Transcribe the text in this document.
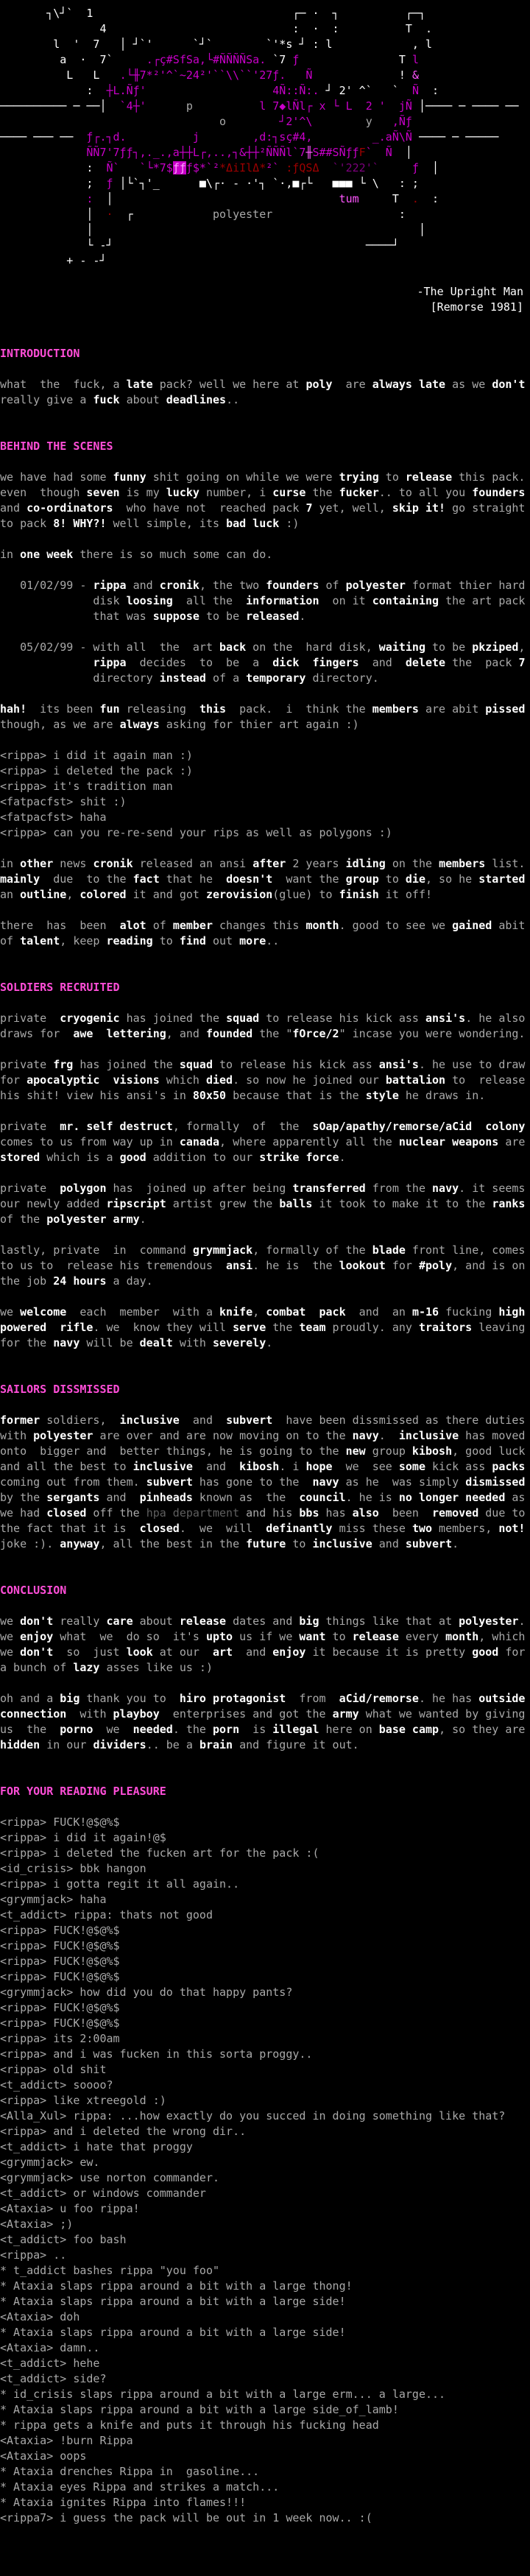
┐\┘`  1                              ┌─ ·  ┐          ┌─┐
4                            :  ·  :          T  .
l  '  7   │ ┘`'      `┘`        `'*s ┘ : l            , l
a  ·  7`     .┌ç#SfSa,└#ÑÑÑÑSa. `7 ƒ               T l
L   L   .└╫7*²'^`~24²'``\\``'27ƒ.   Ñ             ! &
:  ┼L.Ñƒ'	4Ñ::Ñ:. ┘ 2' ^`   `  Ñ  :
────────── ─ ──│  `4┼'	p	l 7◆lÑl┌ x └ L  2 '  jÑ │──── ─ ──── ──
o	┘2'^\	y ,Ñƒ
──── ─── ──  ƒ┌.┐d.	j	,d:┐sç#4,	_.aÑ\Ñ ──── ─ ─────
ÑÑ7'7ƒƒ┐,._.,a┼┼L┌,..,┐&┼┼²ÑÑÑl`7╫S##SÑƒƒF` Ñ  │
:  Ñ`   `└*7$ƒƒƒ$*`²*ΔiIlΔ*²` :ƒQSΔ `'222'`	ƒ  │
;  ƒ │└`┐'_      ■\┌· - ·'┐ `·,■┌└   ■■■ └ \   : ;
:  │                                  tum     T  .  :
│  ·  ┌            polyester                   :
│                                                 │
└ -┘                                      ────┘
+ - -┘
-The Upright Man
[Remorse 1981]
INTRODUCTION
what  the  fuck, a late pack? well we here at poly  are always late as we don't
really give a fuck about deadlines..
BEHIND THE SCENES
we have had some funny shit going on while we were trying to release this pack.
even  though seven is my lucky number, i curse the fucker.. to all you founders
and co-ordinators  who have not  reached pack 7 yet, well, skip it! go straight
to pack 8! WHY?! well simple, its bad luck :)

in one week there is so much some can do.

01/02/99 - rippa and cronik, the two founders of polyester format thier hard
disk loosing  all the  information  on it containing the art pack
that was suppose to be released.

05/02/99 - with all  the  art back on the  hard disk, waiting to be pkziped,
rippa  decides  to  be  a  dick  fingers  and  delete the  pack 7
directory instead of a temporary directory.

hah!  its been fun releasing  this  pack.  i  think the members are abit pissed
though, as we are always asking for thier art again :)

<rippa> i did it again man :)
<rippa> i deleted the pack :)
<rippa> it's tradition man
<fatpacfst> shit :)
<fatpacfst> haha
<rippa> can you re-re-send your rips as well as polygons :)

in other news cronik released an ansi after 2 years idling on the members list.
mainly  due  to the fact that he  doesn't  want the group to die, so he started
an outline, colored it and got zerovision(glue) to finish it off!

there  has  been  alot of member changes this month. good to see we gained abit
of talent, keep reading to find out more..
SOLDIERS RECRUITED
private  cryogenic has joined the squad to release his kick ass ansi's. he also
draws for  awe lettering, and founded the "fOrce/2" incase you were wondering.

private frg has joined the squad to release his kick ass ansi's. he use to draw
for apocalyptic visions which died. so now he joined our battalion to  release
his shit! view his ansi's in 80x50 because that is the style he draws in.

private  mr. self destruct, formally  of  the  sOap/apathy/remorse/aCid colony
comes to us from way up in canada, where apparently all the nuclear weapons are
stored which is a good addition to our strike force.

private  polygon has  joined up after being transferred from the navy. it seems
our newly added ripscript artist grew the balls it took to make it to the ranks
of the polyester army.

lastly, private  in  command grymmjack, formally of the blade front line, comes
to us to  release his tremendous  ansi. he is  the lookout for #poly, and is on
the job 24 hours a day.

we welcome  each  member  with a knife, combat pack  and  an m-16 fucking high
powered rifle. we  know they will serve the team proudly. any traitors leaving
for the navy will be dealt with severely.
SAILORS DISSMISSED
former soldiers,  inclusive  and  subvert  have been dissmissed as there duties
with polyester are over and are now moving on to the navy.  inclusive has moved
onto  bigger and  better things, he is going to the new group kibosh, good luck
and all the best to inclusive  and  kibosh. i hope  we  see some kick ass packs
coming out from them. subvert has gone to the  navy as he  was simply dismissed
by the sergants and  pinheads known as  the  council. he is no longer needed as
we had closed off the hpa department and his bbs has also  been  removed due to
the fact that it is  closed.  we  will  definantly miss these two members, not!
joke :). anyway, all the best in the future to inclusive and subvert.
CONCLUSION
we don't really care about release dates and big things like that at polyester.
we enjoy what  we  do so  it's upto us if we want to release every month, which
we don't  so  just look at our  art  and enjoy it because it is pretty good for
a bunch of lazy asses like us :)

oh and a big thank you to  hiro protagonist  from  aCid/remorse. he has outside
connection  with playboy  enterprises and got the army what we wanted by giving
us  the  porno  we  needed. the porn  is illegal here on base camp, so they are
hidden in our dividers.. be a brain and figure it out.
FOR YOUR READING PLEASURE
<rippa> FUCK!@$@%$
<rippa> i did it again!@$
<rippa> i deleted the fucken art for the pack :(
<id_crisis> bbk hangon
<rippa> i gotta regit it all again..
<grymmjack> haha
<t_addict> rippa: thats not good
<rippa> FUCK!@$@%$
<rippa> FUCK!@$@%$
<rippa> FUCK!@$@%$
<rippa> FUCK!@$@%$
<grymmjack> how did you do that happy pants?
<rippa> FUCK!@$@%$
<rippa> FUCK!@$@%$
<rippa> its 2:00am
<rippa> and i was fucken in this sorta proggy..
<rippa> old shit
<t_addict> soooo?
<rippa> like xtreegold :)
<Alla_Xul> rippa: ...how exactly do you succed in doing something like that?
<rippa> and i deleted the wrong dir..
<t_addict> i hate that proggy
<grymmjack> ew.
<grymmjack> use norton commander.
<t_addict> or windows commander
<Ataxia> u foo rippa!
<Ataxia> ;)
<t_addict> foo bash
<rippa> ..
* t_addict bashes rippa "you foo"
* Ataxia slaps rippa around a bit with a large thong!
* Ataxia slaps rippa around a bit with a large side!
<Ataxia> doh
* Ataxia slaps rippa around a bit with a large side!
<Ataxia> damn..
<t_addict> hehe
<t_addict> side?
* id_crisis slaps rippa around a bit with a large erm... a large...
* Ataxia slaps rippa around a bit with a large side_of_lamb!
* rippa gets a knife and puts it through his fucking head
<Ataxia> !burn Rippa
<Ataxia> oops
* Ataxia drenches Rippa in  gasoline...
* Ataxia eyes Rippa and strikes a match...
* Ataxia ignites Rippa into flames!!!
<rippa7> i guess the pack will be out in 1 week now.. :(
